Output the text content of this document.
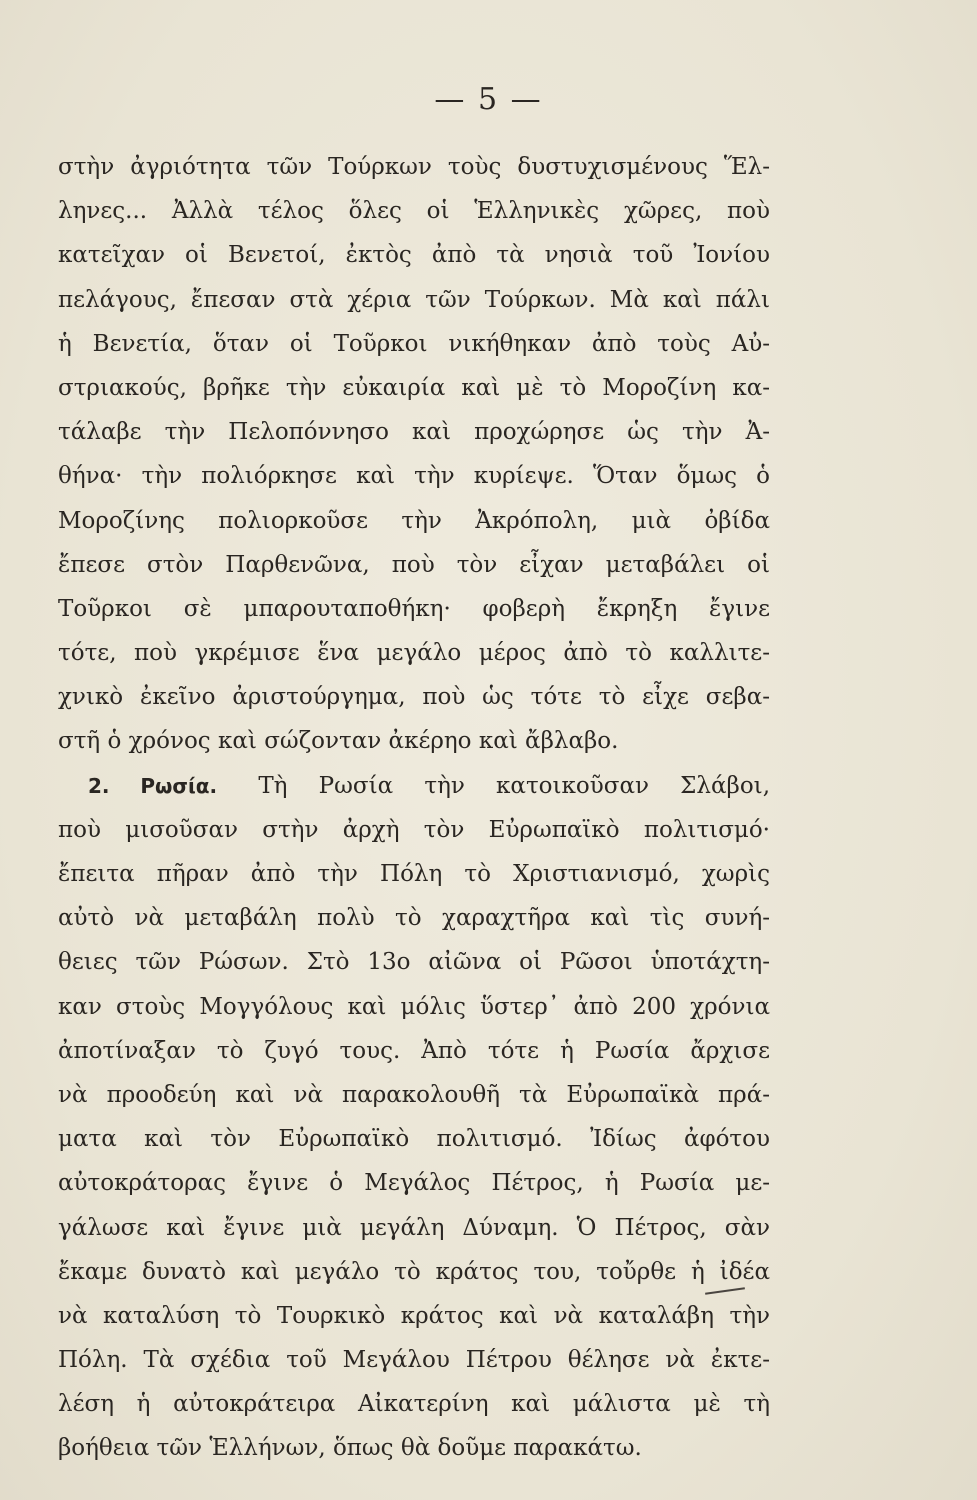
— 5 —
στὴν ἀγριότητα τῶν Τούρκων τοὺς δυστυχισμένους Ἕλ-
ληνες... Ἀλλὰ τέλος ὅλες οἱ Ἑλληνικὲς χῶρες, ποὺ
κατεῖχαν οἱ Βενετοί, ἐκτὸς ἀπὸ τὰ νησιὰ τοῦ Ἰονίου
πελάγους, ἔπεσαν στὰ χέρια τῶν Τούρκων. Μὰ καὶ πάλι
ἡ Βενετία, ὅταν οἱ Τοῦρκοι νικήθηκαν ἀπὸ τοὺς Αὐ-
στριακούς, βρῆκε τὴν εὐκαιρία καὶ μὲ τὸ Μοροζίνη κα-
τάλαβε τὴν Πελοπόννησο καὶ προχώρησε ὡς τὴν Ἀ-
θήνα· τὴν πολιόρκησε καὶ τὴν κυρίεψε. Ὅταν ὅμως ὁ
Μοροζίνης πολιορκοῦσε τὴν Ἀκρόπολη, μιὰ ὀβίδα
ἔπεσε στὸν Παρθενῶνα, ποὺ τὸν εἶχαν μεταβάλει οἱ
Τοῦρκοι σὲ μπαρουταποθήκη· φοβερὴ ἔκρηξη ἔγινε
τότε, ποὺ γκρέμισε ἕνα μεγάλο μέρος ἀπὸ τὸ καλλιτε-
χνικὸ ἐκεῖνο ἀριστούργημα, ποὺ ὡς τότε τὸ εἶχε σεβα-
στῆ ὁ χρόνος καὶ σώζονταν ἀκέρηο καὶ ἄβλαβο.
2. Ρωσία. Τὴ Ρωσία τὴν κατοικοῦσαν Σλάβοι,
ποὺ μισοῦσαν στὴν ἀρχὴ τὸν Εὐρωπαϊκὸ πολιτισμό·
ἔπειτα πῆραν ἀπὸ τὴν Πόλη τὸ Χριστιανισμό, χωρὶς
αὐτὸ νὰ μεταβάλη πολὺ τὸ χαραχτῆρα καὶ τὶς συνή-
θειες τῶν Ρώσων. Στὸ 13ο αἰῶνα οἱ Ρῶσοι ὑποτάχτη-
καν στοὺς Μογγόλους καὶ μόλις ὕστερ᾽ ἀπὸ 200 χρόνια
ἀποτίναξαν τὸ ζυγό τους. Ἀπὸ τότε ἡ Ρωσία ἄρχισε
νὰ προοδεύη καὶ νὰ παρακολουθῆ τὰ Εὐρωπαϊκὰ πρά-
ματα καὶ τὸν Εὐρωπαϊκὸ πολιτισμό. Ἰδίως ἀφότου
αὐτοκράτορας ἔγινε ὁ Μεγάλος Πέτρος, ἡ Ρωσία με-
γάλωσε καὶ ἔγινε μιὰ μεγάλη Δύναμη. Ὁ Πέτρος, σὰν
ἔκαμε δυνατὸ καὶ μεγάλο τὸ κράτος του, τοὔρθε ἡ ἰδέα
νὰ καταλύση τὸ Τουρκικὸ κράτος καὶ νὰ καταλάβη τὴν
Πόλη. Τὰ σχέδια τοῦ Μεγάλου Πέτρου θέλησε νὰ ἐκτε-
λέση ἡ αὐτοκράτειρα Αἰκατερίνη καὶ μάλιστα μὲ τὴ
βοήθεια τῶν Ἑλλήνων, ὅπως θὰ δοῦμε παρακάτω.
